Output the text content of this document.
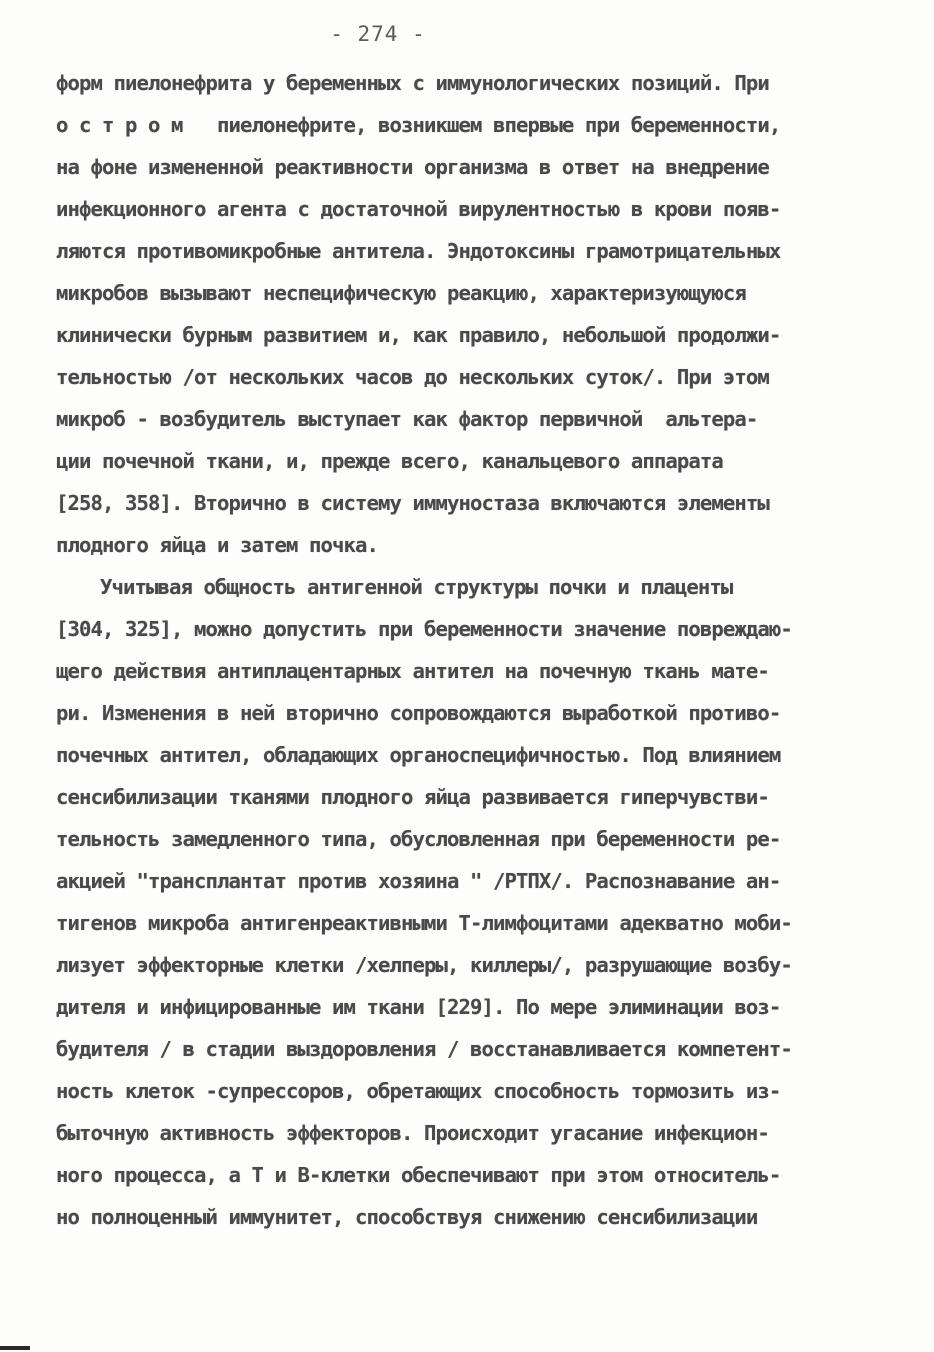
- 274 -
форм пиелонефрита у беременных с иммунологических позиций. При
о с т р о м   пиелонефрите, возникшем впервые при беременности,
на фоне измененной реактивности организма в ответ на внедрение
инфекционного агента с достаточной вирулентностью в крови появ-
ляются противомикробные антитела. Эндотоксины грамотрицательных
микробов вызывают неспецифическую реакцию, характеризующуюся
клинически бурным развитием и, как правило, небольшой продолжи-
тельностью /от нескольких часов до нескольких суток/. При этом
микроб - возбудитель выступает как фактор первичной  альтера-
ции почечной ткани, и, прежде всего, канальцевого аппарата
[258, 358]. Вторично в систему иммуностаза включаются элементы
плодного яйца и затем почка.
Учитывая общность антигенной структуры почки и плаценты
[304, 325], можно допустить при беременности значение повреждаю-
щего действия антиплацентарных антител на почечную ткань мате-
ри. Изменения в ней вторично сопровождаются выработкой противо-
почечных антител, обладающих органоспецифичностью. Под влиянием
сенсибилизации тканями плодного яйца развивается гиперчувстви-
тельность замедленного типа, обусловленная при беременности ре-
акцией "трансплантат против хозяина " /РТПХ/. Распознавание ан-
тигенов микроба антигенреактивными Т-лимфоцитами адекватно моби-
лизует эффекторные клетки /хелперы, киллеры/, разрушающие возбу-
дителя и инфицированные им ткани [229]. По мере элиминации воз-
будителя / в стадии выздоровления / восстанавливается компетент-
ность клеток -супрессоров, обретающих способность тормозить из-
быточную активность эффекторов. Происходит угасание инфекцион-
ного процесса, а Т и В-клетки обеспечивают при этом относитель-
но полноценный иммунитет, способствуя снижению сенсибилизации
